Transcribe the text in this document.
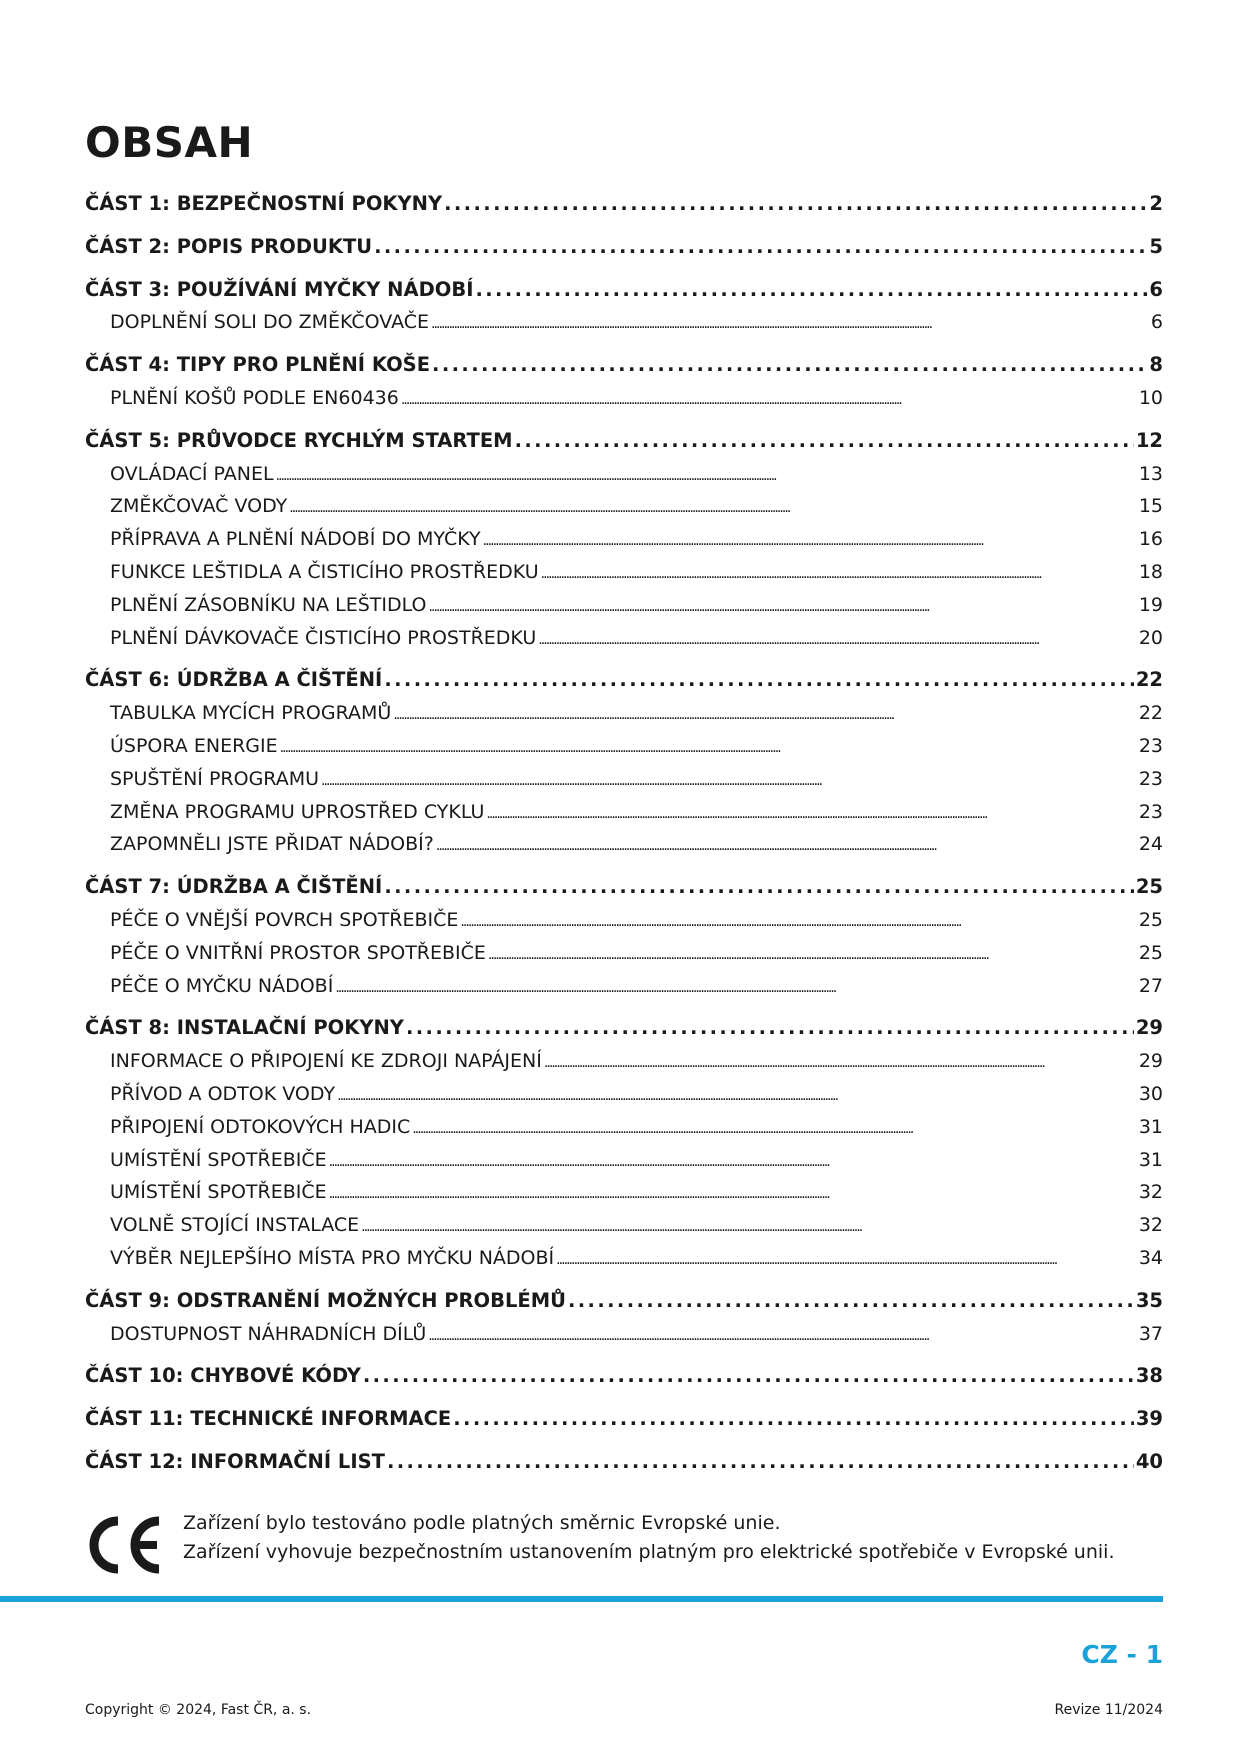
OBSAH
ČÁST 1: BEZPEČNOSTNÍ POKYNY . . .	2
ČÁST 2: POPIS PRODUKTU . . .	5
ČÁST 3: POUŽÍVÁNÍ MYČKY NÁDOBÍ . . .	6
DOPLNĚNÍ SOLI DO ZMĚKČOVAČE . . .	6
ČÁST 4: TIPY PRO PLNĚNÍ KOŠE . . .	8
PLNĚNÍ KOŠŮ PODLE EN60436 . . .	10
ČÁST 5: PRŮVODCE RYCHLÝM STARTEM . . .	12
OVLÁDACÍ PANEL . . .	13
ZMĚKČOVAČ VODY . . .	15
PŘÍPRAVA A PLNĚNÍ NÁDOBÍ DO MYČKY . . .	16
FUNKCE LEŠTIDLA A ČISTICÍHO PROSTŘEDKU . . .	18
PLNĚNÍ ZÁSOBNÍKU NA LEŠTIDLO . . .	19
PLNĚNÍ DÁVKOVAČE ČISTICÍHO PROSTŘEDKU . . .	20
ČÁST 6: ÚDRŽBA A ČIŠTĚNÍ . . .	22
TABULKA MYCÍCH PROGRAMŮ . . .	22
ÚSPORA ENERGIE . . .	23
SPUŠTĚNÍ PROGRAMU . . .	23
ZMĚNA PROGRAMU UPROSTŘED CYKLU . . .	23
ZAPOMNĚLI JSTE PŘIDAT NÁDOBÍ? . . .	24
ČÁST 7: ÚDRŽBA A ČIŠTĚNÍ . . .	25
PÉČE O VNĚJŠÍ POVRCH SPOTŘEBIČE . . .	25
PÉČE O VNITŘNÍ PROSTOR SPOTŘEBIČE . . .	25
PÉČE O MYČKU NÁDOBÍ . . .	27
ČÁST 8: INSTALAČNÍ POKYNY . . .	29
INFORMACE O PŘIPOJENÍ KE ZDROJI NAPÁJENÍ . . .	29
PŘÍVOD A ODTOK VODY . . .	30
PŘIPOJENÍ ODTOKOVÝCH HADIC . . .	31
UMÍSTĚNÍ SPOTŘEBIČE . . .	31
UMÍSTĚNÍ SPOTŘEBIČE . . .	32
VOLNĚ STOJÍCÍ INSTALACE . . .	32
VÝBĚR NEJLEPŠÍHO MÍSTA PRO MYČKU NÁDOBÍ . . .	34
ČÁST 9: ODSTRANĚNÍ MOŽNÝCH PROBLÉMŮ . . .	35
DOSTUPNOST NÁHRADNÍCH DÍLŮ . . .	37
ČÁST 10: CHYBOVÉ KÓDY . . .	38
ČÁST 11: TECHNICKÉ INFORMACE . . .	39
ČÁST 12: INFORMAČNÍ LIST . . .	40
Zařízení bylo testováno podle platných směrnic Evropské unie.
Zařízení vyhovuje bezpečnostním ustanovením platným pro elektrické spotřebiče v Evropské unii.
CZ - 1
Copyright © 2024, Fast ČR, a. s.	Revize 11/2024
